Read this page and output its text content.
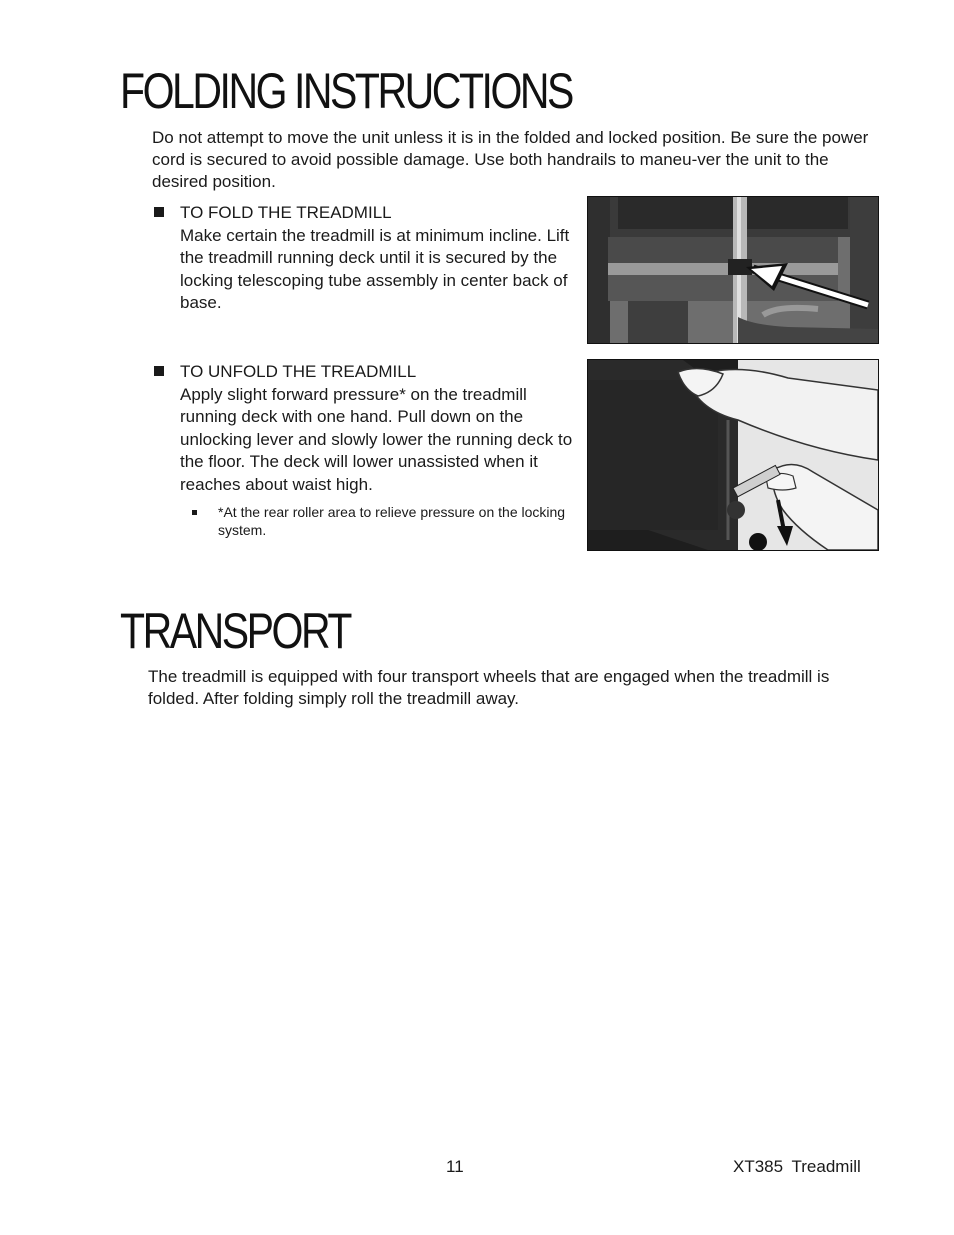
FOLDING INSTRUCTIONS

Do not attempt to move the unit unless it is in the folded and locked position. Be sure the power cord is secured to avoid possible damage. Use both handrails to maneu-ver the unit to the desired position.

TO FOLD THE TREADMILL
Make certain the treadmill is at minimum incline. Lift the treadmill running deck until it is secured by the locking telescoping tube assembly in center back of base.

TO UNFOLD THE TREADMILL
Apply slight forward pressure* on the treadmill running deck with one hand. Pull down on the unlocking lever and slowly lower the running deck to the floor. The deck will lower unassisted when it reaches about waist high.

*At the rear roller area to relieve pressure on the locking system.

TRANSPORT

The treadmill is equipped with four transport wheels that are engaged when the treadmill is folded. After folding simply roll the treadmill away.

11	XT385 Treadmill
